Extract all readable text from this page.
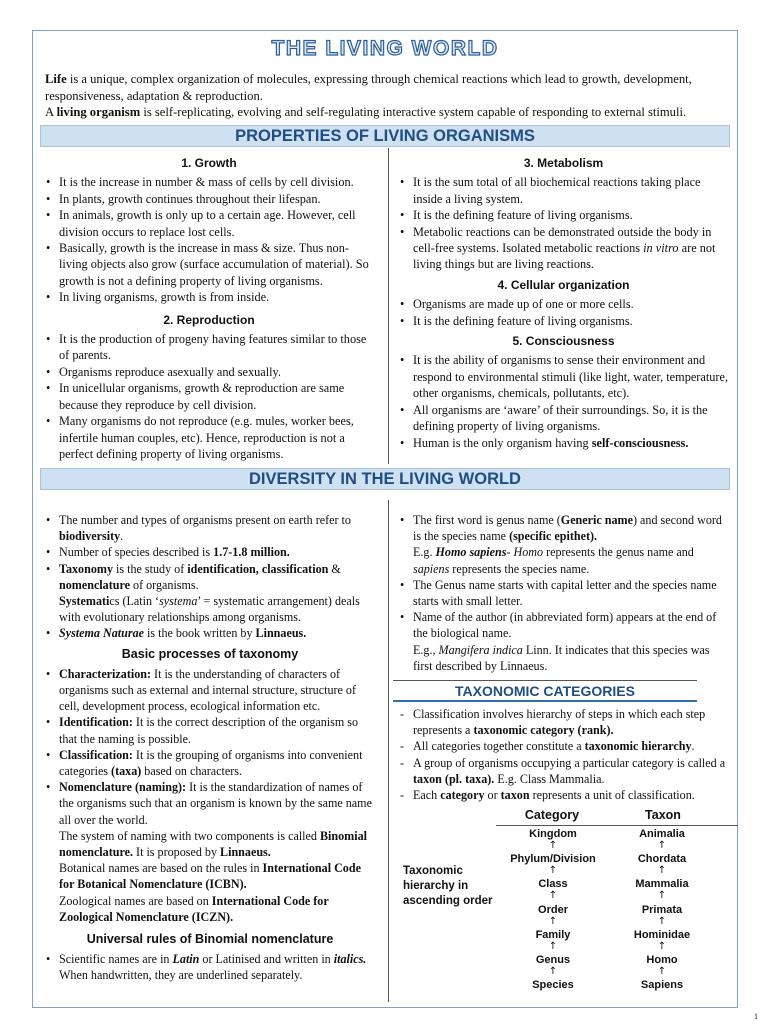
THE LIVING WORLD

Life is a unique, complex organization of molecules, expressing through chemical reactions which lead to growth, development, responsiveness, adaptation & reproduction.

A living organism is self-replicating, evolving and self-regulating interactive system capable of responding to external stimuli.

PROPERTIES OF LIVING ORGANISMS
1. Growth
• It is the increase in number & mass of cells by cell division.
• In plants, growth continues throughout their lifespan.
• In animals, growth is only up to a certain age. However, cell division occurs to replace lost cells.
• Basically, growth is the increase in mass & size. Thus non-living objects also grow (surface accumulation of material). So growth is not a defining property of living organisms.
• In living organisms, growth is from inside.
2. Reproduction
• It is the production of progeny having features similar to those of parents.
• Organisms reproduce asexually and sexually.
• In unicellular organisms, growth & reproduction are same because they reproduce by cell division.
• Many organisms do not reproduce (e.g. mules, worker bees, infertile human couples, etc). Hence, reproduction is not a perfect defining property of living organisms.
3. Metabolism
• It is the sum total of all biochemical reactions taking place inside a living system.
• It is the defining feature of living organisms.
• Metabolic reactions can be demonstrated outside the body in cell-free systems. Isolated metabolic reactions in vitro are not living things but are living reactions.
4. Cellular organization
• Organisms are made up of one or more cells.
• It is the defining feature of living organisms.
5. Consciousness
• It is the ability of organisms to sense their environment and respond to environmental stimuli (like light, water, temperature, other organisms, chemicals, pollutants, etc).
• All organisms are ‘aware’ of their surroundings. So, it is the defining property of living organisms.
• Human is the only organism having self-consciousness.
DIVERSITY IN THE LIVING WORLD
• The number and types of organisms present on earth refer to biodiversity.
• Number of species described is 1.7-1.8 million.
• Taxonomy is the study of identification, classification & nomenclature of organisms.
Systematics (Latin ‘systema’ = systematic arrangement) deals with evolutionary relationships among organisms.
• Systema Naturae is the book written by Linnaeus.
Basic processes of taxonomy
• Characterization: It is the understanding of characters of organisms such as external and internal structure, structure of cell, development process, ecological information etc.
• Identification: It is the correct description of the organism so that the naming is possible.
• Classification: It is the grouping of organisms into convenient categories (taxa) based on characters.
• Nomenclature (naming): It is the standardization of names of the organisms such that an organism is known by the same name all over the world.
The system of naming with two components is called Binomial nomenclature. It is proposed by Linnaeus.
Botanical names are based on the rules in International Code for Botanical Nomenclature (ICBN).
Zoological names are based on International Code for Zoological Nomenclature (ICZN).
Universal rules of Binomial nomenclature
• Scientific names are in Latin or Latinised and written in italics. When handwritten, they are underlined separately.
• The first word is genus name (Generic name) and second word is the species name (specific epithet).
E.g. Homo sapiens- Homo represents the genus name and sapiens represents the species name.
• The Genus name starts with capital letter and the species name starts with small letter.
• Name of the author (in abbreviated form) appears at the end of the biological name.
E.g., Mangifera indica Linn. It indicates that this species was first described by Linnaeus.
TAXONOMIC CATEGORIES
- Classification involves hierarchy of steps in which each step represents a taxonomic category (rank).
- All categories together constitute a taxonomic hierarchy.
- A group of organisms occupying a particular category is called a taxon (pl. taxa). E.g. Class Mammalia.
- Each category or taxon represents a unit of classification.
Category	Taxon
Taxonomic hierarchy in ascending order
Kingdom	Animalia
↑	↑
Phylum/Division	Chordata
↑	↑
Class	Mammalia
↑	↑
Order	Primata
↑	↑
Family	Hominidae
↑	↑
Genus	Homo
↑	↑
Species	Sapiens
1
